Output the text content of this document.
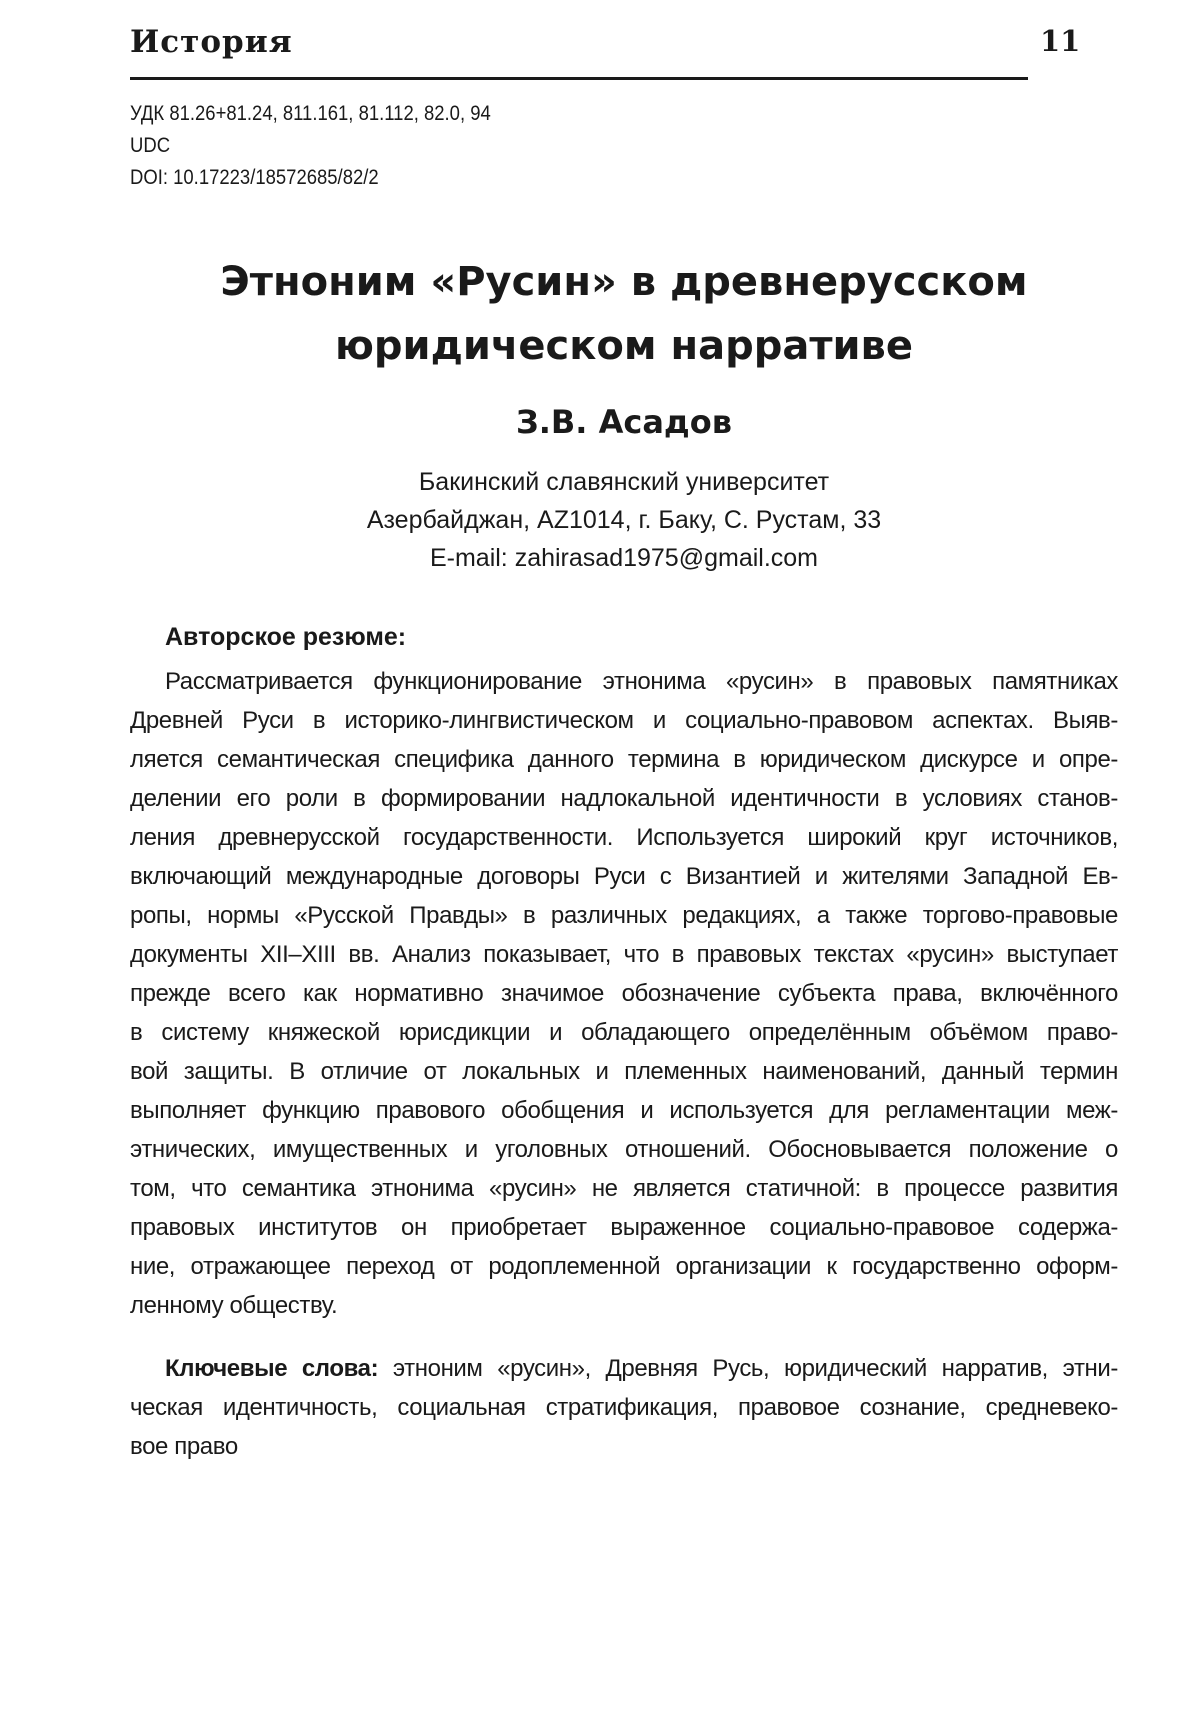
История	11
УДК 81.26+81.24, 811.161, 81.112, 82.0, 94
UDC
DOI: 10.17223/18572685/82/2
Этноним «Русин» в древнерусском
юридическом нарративе
З.В. Асадов
Бакинский славянский университет
Азербайджан, AZ1014, г. Баку, С. Рустам, 33
E-mail: zahirasad1975@gmail.com
Авторское резюме:
Рассматривается функционирование этнонима «русин» в правовых памятниках
Древней Руси в историко-лингвистическом и социально-правовом аспектах. Выяв-
ляется семантическая специфика данного термина в юридическом дискурсе и опре-
делении его роли в формировании надлокальной идентичности в условиях станов-
ления древнерусской государственности. Используется широкий круг источников,
включающий международные договоры Руси с Византией и жителями Западной Ев-
ропы, нормы «Русской Правды» в различных редакциях, а также торгово-правовые
документы XII–XIII вв. Анализ показывает, что в правовых текстах «русин» выступает
прежде всего как нормативно значимое обозначение субъекта права, включённого
в систему княжеской юрисдикции и обладающего определённым объёмом право-
вой защиты. В отличие от локальных и племенных наименований, данный термин
выполняет функцию правового обобщения и используется для регламентации меж-
этнических, имущественных и уголовных отношений. Обосновывается положение о
том, что семантика этнонима «русин» не является статичной: в процессе развития
правовых институтов он приобретает выраженное социально-правовое содержа-
ние, отражающее переход от родоплеменной организации к государственно оформ-
ленному обществу.
Ключевые слова: этноним «русин», Древняя Русь, юридический нарратив, этни-
ческая идентичность, социальная стратификация, правовое сознание, средневеко-
вое право
